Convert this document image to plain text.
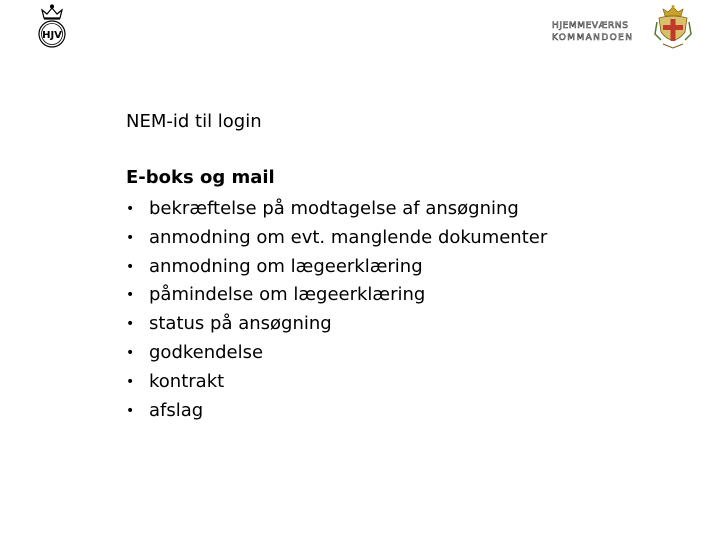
HJV
HJEMMEVÆRNS
KOMMANDOEN

NEM-id til login

E-boks og mail

• bekræftelse på modtagelse af ansøgning
• anmodning om evt. manglende dokumenter
• anmodning om lægeerklæring
• påmindelse om lægeerklæring
• status på ansøgning
• godkendelse
• kontrakt
• afslag
